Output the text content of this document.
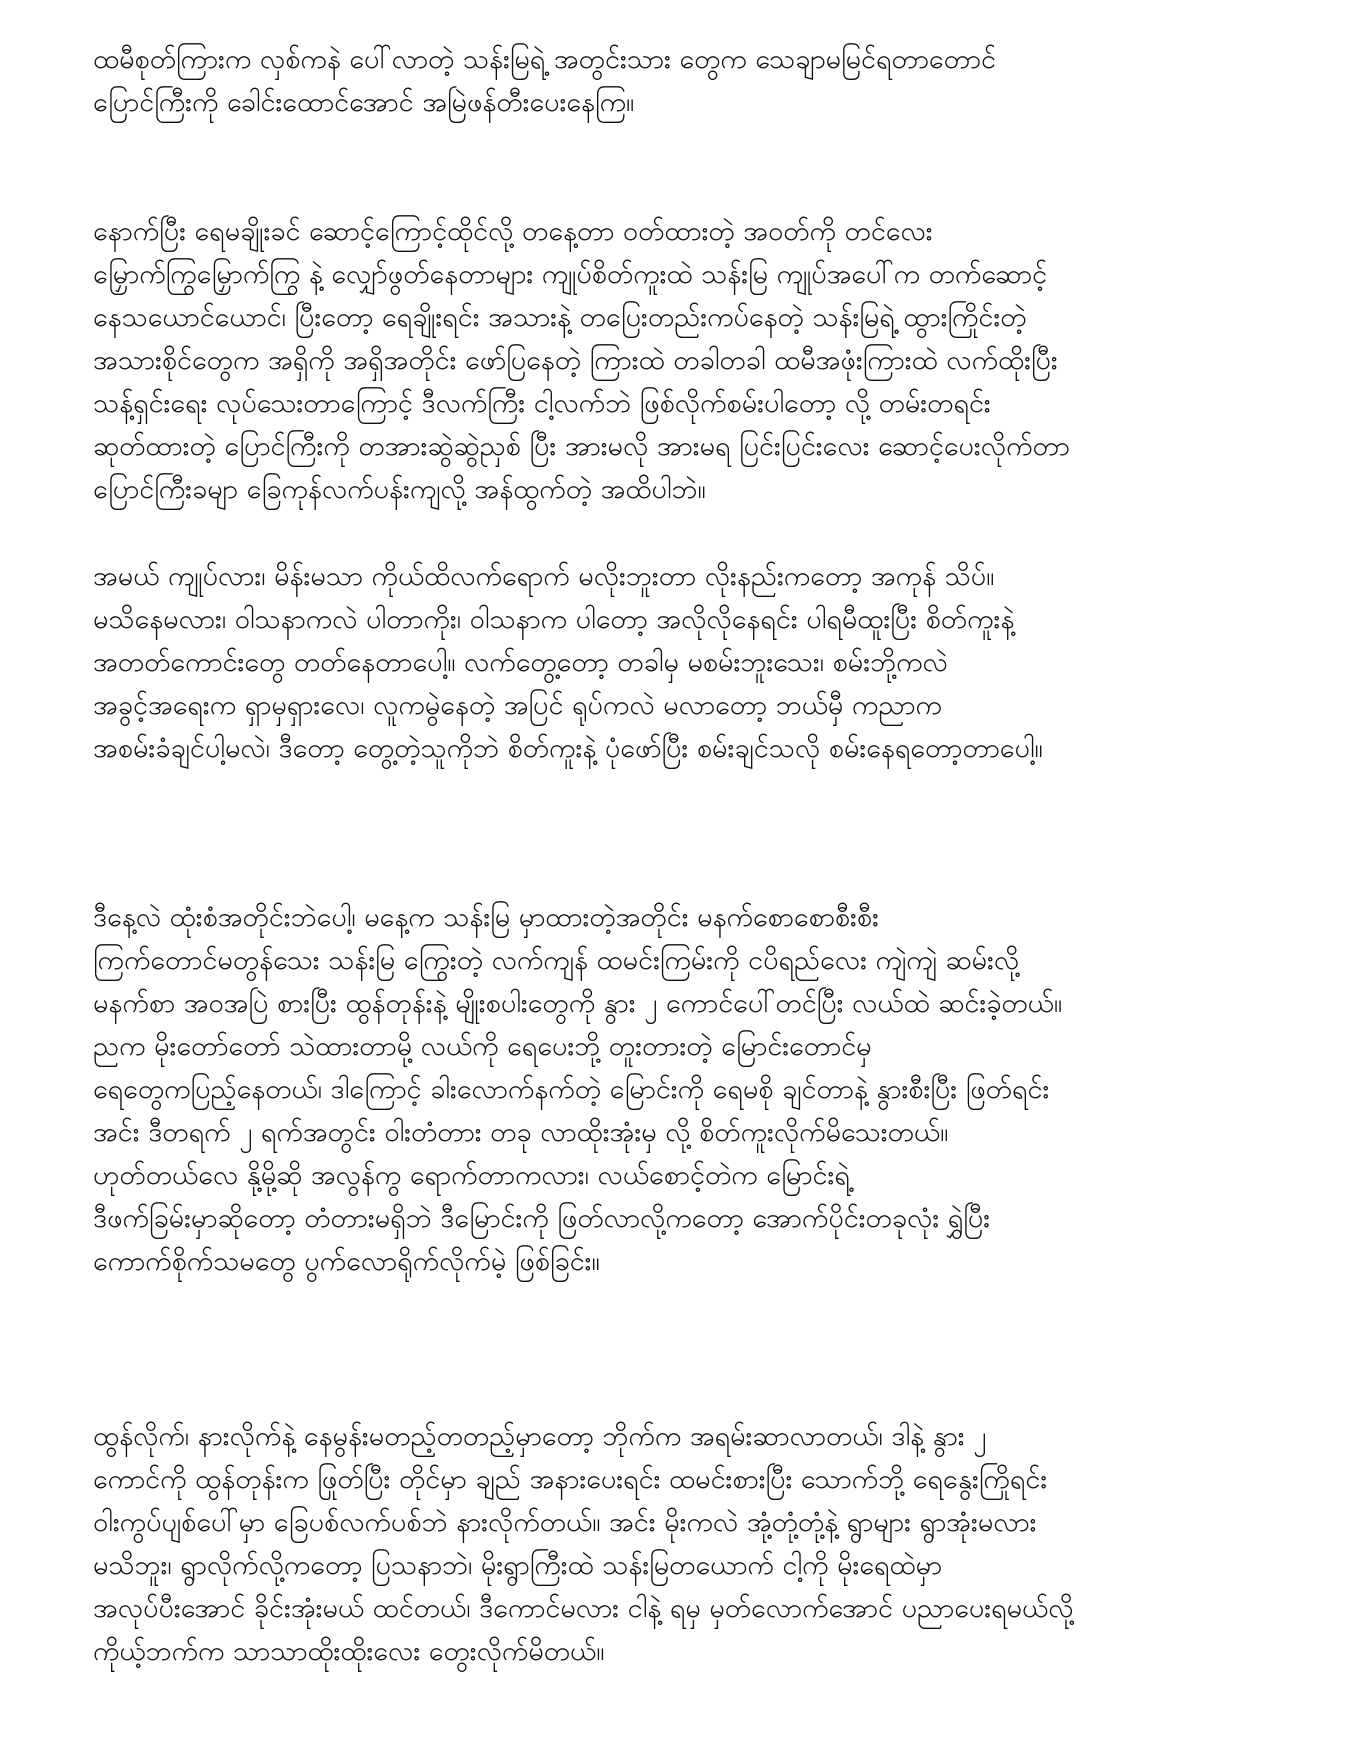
ထမီစုတ်ကြားက လှစ်ကနဲ ပေါ်လာတဲ့ သန်းမြရဲ့ အတွင်းသား တွေက သေချာမမြင်ရတာတောင်
ပြောင်ကြီးကို ခေါင်းထောင်အောင် အမြဲဖန်တီးပေးနေကြ။
နောက်ပြီး ရေမချိုးခင် ဆောင့်ကြောင့်ထိုင်လို့ တနေ့တာ ဝတ်ထားတဲ့ အဝတ်ကို တင်လေး
မြှောက်ကြွမြှောက်ကြွ နဲ့ လျှော်ဖွတ်နေတာများ ကျုပ်စိတ်ကူးထဲ သန်းမြ ကျုပ်အပေါ်က တက်ဆောင့်
နေသယောင်ယောင်၊ ပြီးတော့ ရေချိုးရင်း အသားနဲ့ တပြေးတည်းကပ်နေတဲ့ သန်းမြရဲ့ ထွားကြိုင်းတဲ့
အသားစိုင်တွေက အရှိကို အရှိအတိုင်း ဖော်ပြနေတဲ့ ကြားထဲ တခါတခါ ထမီအဖုံးကြားထဲ လက်ထိုးပြီး
သန့်ရှင်းရေး လုပ်သေးတာကြောင့် ဒီလက်ကြီး ငါ့လက်ဘဲ ဖြစ်လိုက်စမ်းပါတော့ လို့ တမ်းတရင်း
ဆုတ်ထားတဲ့ ပြောင်ကြီးကို တအားဆွဲဆွဲညှစ် ပြီး အားမလို အားမရ ပြင်းပြင်းလေး ဆောင့်ပေးလိုက်တာ
ပြောင်ကြီးခမျာ ခြေကုန်လက်ပန်းကျလို့ အန်ထွက်တဲ့ အထိပါဘဲ။
အမယ် ကျုပ်လား၊ မိန်းမသာ ကိုယ်ထိလက်ရောက် မလိုးဘူးတာ လိုးနည်းကတော့ အကုန် သိပ်။
မသိနေမလား၊ ဝါသနာကလဲ ပါတာကိုး၊ ဝါသနာက ပါတော့ အလိုလိုနေရင်း ပါရမီထူးပြီး စိတ်ကူးနဲ့
အတတ်ကောင်းတွေ တတ်နေတာပေါ့။ လက်တွေ့တော့ တခါမှ မစမ်းဘူးသေး၊ စမ်းဘို့ကလဲ
အခွင့်အရေးက ရှာမှရှားလေ၊ လူကမွဲနေတဲ့ အပြင် ရုပ်ကလဲ မလာတော့ ဘယ်မှီ ကညာက
အစမ်းခံချင်ပါ့မလဲ၊ ဒီတော့ တွေ့တဲ့သူကိုဘဲ စိတ်ကူးနဲ့ ပုံဖော်ပြီး စမ်းချင်သလို စမ်းနေရတော့တာပေါ့။
ဒီနေ့လဲ ထုံးစံအတိုင်းဘဲပေါ့၊ မနေ့က သန်းမြ မှာထားတဲ့အတိုင်း မနက်စောစောစီးစီး
ကြက်တောင်မတွန်သေး သန်းမြ ကြွေးတဲ့ လက်ကျန် ထမင်းကြမ်းကို ငပိရည်လေး ကျဲကျဲ ဆမ်းလို့
မနက်စာ အဝအပြဲ စားပြီး ထွန်တုန်းနဲ့ မျိုးစပါးတွေကို နွား ၂ ကောင်ပေါ်တင်ပြီး လယ်ထဲ ဆင်းခဲ့တယ်။
ညက မိုးတော်တော် သဲထားတာမို့ လယ်ကို ရေပေးဘို့ တူးတားတဲ့ မြောင်းတောင်မှ
ရေတွေကပြည့်နေတယ်၊ ဒါကြောင့် ခါးလောက်နက်တဲ့ မြောင်းကို ရေမစို ချင်တာနဲ့ နွားစီးပြီး ဖြတ်ရင်း
အင်း ဒီတရက် ၂ ရက်အတွင်း ဝါးတံတား တခု လာထိုးအုံးမှ လို့ စိတ်ကူးလိုက်မိသေးတယ်။
ဟုတ်တယ်လေ နို့မို့ဆို အလွန်ကွ ရောက်တာကလား၊ လယ်စောင့်တဲက မြောင်းရဲ့
ဒီဖက်ခြမ်းမှာဆိုတော့ တံတားမရှိဘဲ ဒီမြောင်းကို ဖြတ်လာလို့ကတော့ အောက်ပိုင်းတခုလုံး ရွှဲပြီး
ကောက်စိုက်သမတွေ ပွက်လောရိုက်လိုက်မဲ့ ဖြစ်ခြင်း။
ထွန်လိုက်၊ နားလိုက်နဲ့ နေမွန်းမတည့်တတည့်မှာတော့ ဘိုက်က အရမ်းဆာလာတယ်၊ ဒါနဲ့ နွား ၂
ကောင်ကို ထွန်တုန်းက ဖြုတ်ပြီး တိုင်မှာ ချည် အနားပေးရင်း ထမင်းစားပြီး သောက်ဘို့ ရေနွေးကြိုရင်း
ဝါးကွပ်ပျစ်ပေါ်မှာ ခြေပစ်လက်ပစ်ဘဲ နားလိုက်တယ်။ အင်း မိုးကလဲ အုံ့တုံ့တုံ့နဲ့ ရွာများ ရွာအုံးမလား
မသိဘူး၊ ရွာလိုက်လို့ကတော့ ပြသနာဘဲ၊ မိုးရွာကြီးထဲ သန်းမြတယောက် ငါ့ကို မိုးရေထဲမှာ
အလုပ်ပီးအောင် ခိုင်းအုံးမယ် ထင်တယ်၊ ဒီကောင်မလား ငါနဲ့ ရမှ မှတ်လောက်အောင် ပညာပေးရမယ်လို့
ကိုယ့်ဘက်က သာသာထိုးထိုးလေး တွေးလိုက်မိတယ်။
